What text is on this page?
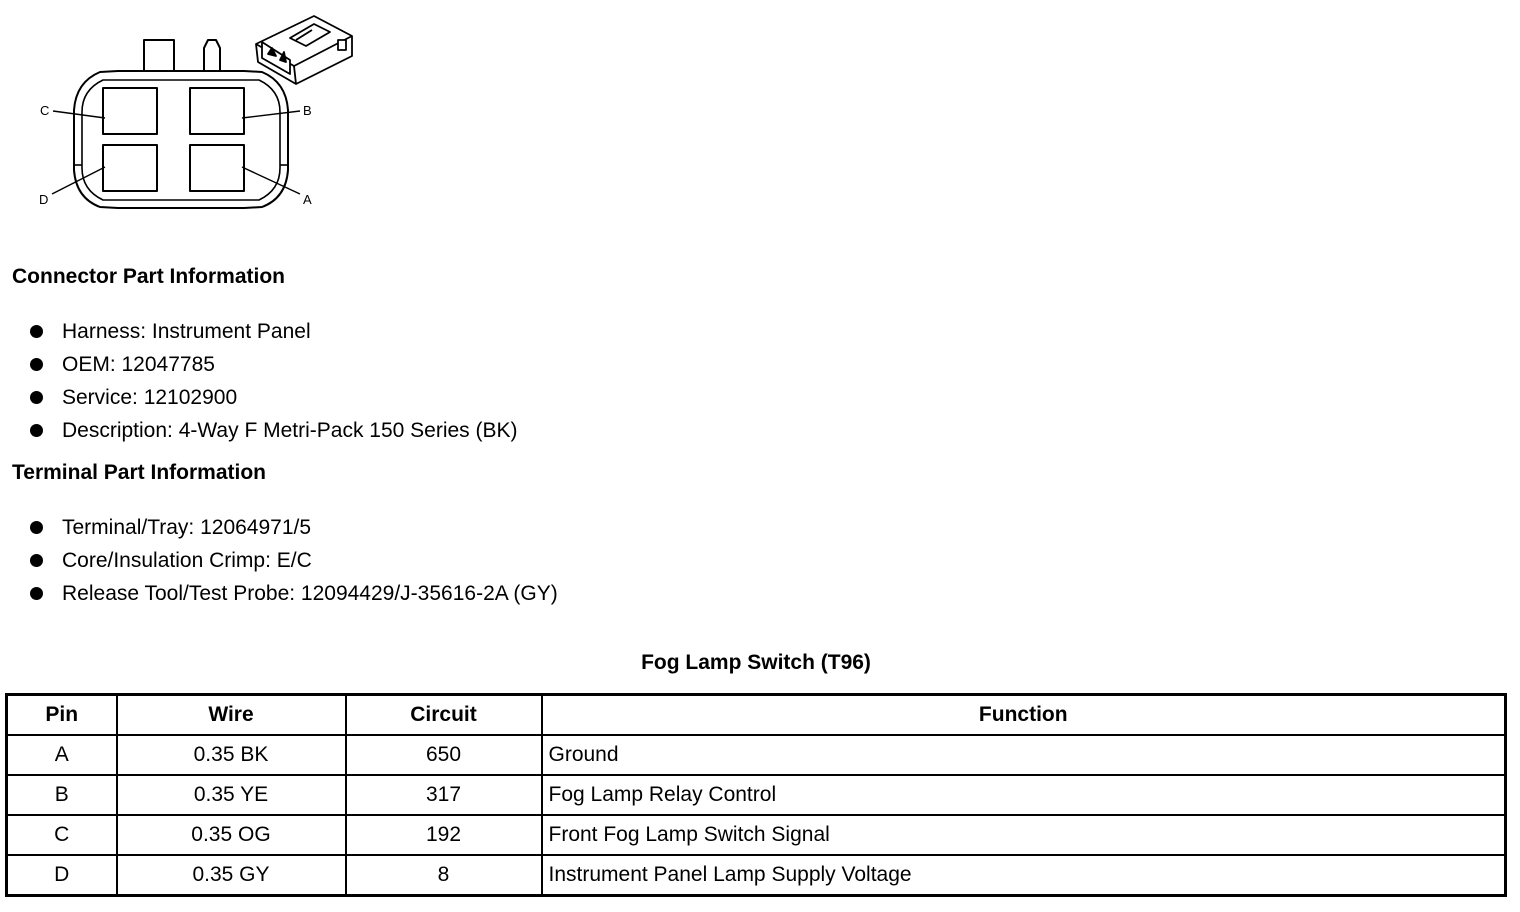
C	B
D	A
Connector Part Information
Harness: Instrument Panel
OEM: 12047785
Service: 12102900
Description: 4-Way F Metri-Pack 150 Series (BK)
Terminal Part Information
Terminal/Tray: 12064971/5
Core/Insulation Crimp: E/C
Release Tool/Test Probe: 12094429/J-35616-2A (GY)
Fog Lamp Switch (T96)
Pin	Wire	Circuit	Function
A	0.35 BK	650	Ground
B	0.35 YE	317	Fog Lamp Relay Control
C	0.35 OG	192	Front Fog Lamp Switch Signal
D	0.35 GY	8	Instrument Panel Lamp Supply Voltage
